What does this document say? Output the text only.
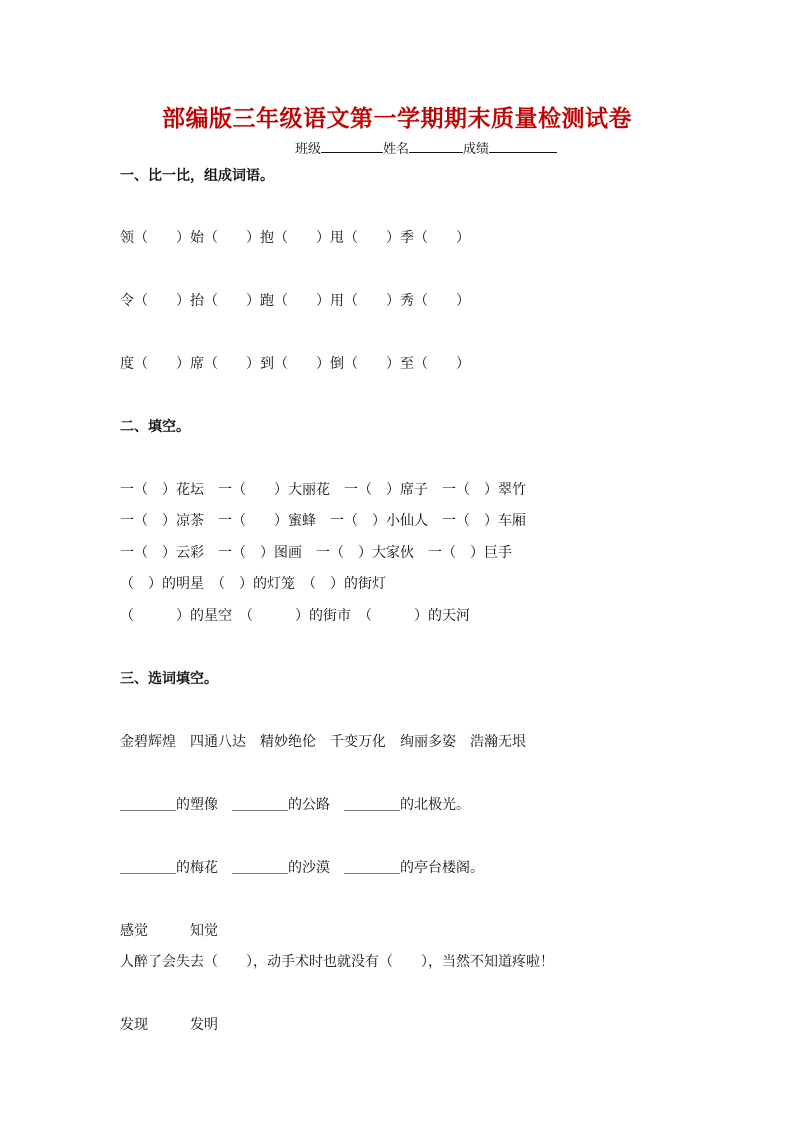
部编版三年级语文第一学期期末质量检测试卷
班级	姓名	成绩
一、比一比，组成词语。
领（　　）始（　　）抱（　　）甩（　　）季（　　）
令（　　）抬（　　）跑（　　）用（　　）秀（　　）
度（　　）席（　　）到（　　）倒（　　）至（　　）
二、填空。
一（　）花坛　一（　　）大丽花　一（　）席子　一（　）翠竹
一（　）凉茶　一（　　）蜜蜂　一（　）小仙人　一（　）车厢
一（　）云彩　一（　）图画　一（　）大家伙　一（　）巨手
（　）的明星　（　）的灯笼　（　）的街灯
（　　　）的星空　（　　　）的街市　（　　　）的天河
三、选词填空。
金碧辉煌　四通八达　精妙绝伦　千变万化　绚丽多姿　浩瀚无垠
＿＿＿＿的塑像　＿＿＿＿的公路　＿＿＿＿的北极光。
＿＿＿＿的梅花　＿＿＿＿的沙漠　＿＿＿＿的亭台楼阁。
感觉　　　知觉
人醉了会失去（　　），动手术时也就没有（　　），当然不知道疼啦！
发现　　　发明
